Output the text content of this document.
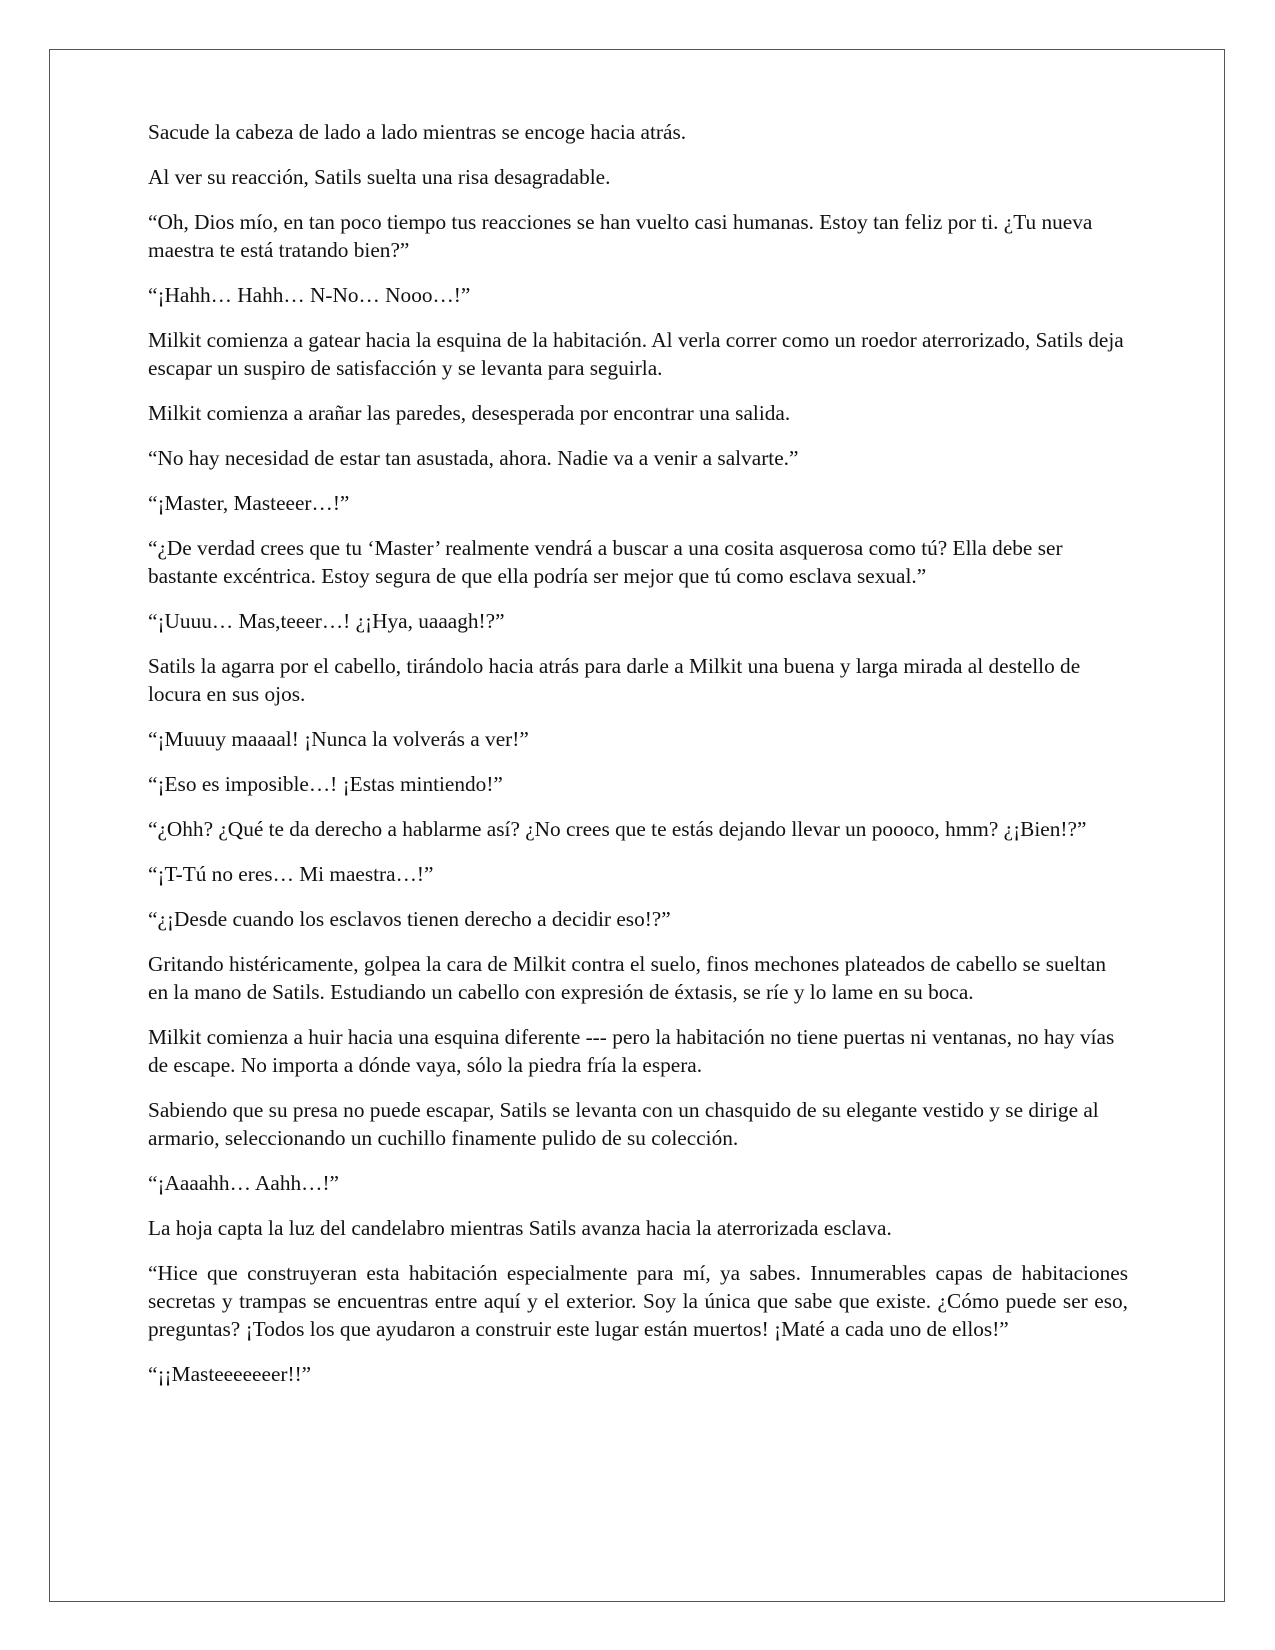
Sacude la cabeza de lado a lado mientras se encoge hacia atrás.

Al ver su reacción, Satils suelta una risa desagradable.

“Oh, Dios mío, en tan poco tiempo tus reacciones se han vuelto casi humanas. Estoy tan feliz por ti. ¿Tu nueva maestra te está tratando bien?”

“¡Hahh… Hahh… N-No… Nooo…!”

Milkit comienza a gatear hacia la esquina de la habitación. Al verla correr como un roedor aterrorizado, Satils deja escapar un suspiro de satisfacción y se levanta para seguirla.

Milkit comienza a arañar las paredes, desesperada por encontrar una salida.

“No hay necesidad de estar tan asustada, ahora. Nadie va a venir a salvarte.”

“¡Master, Masteeer…!”

“¿De verdad crees que tu ‘Master’ realmente vendrá a buscar a una cosita asquerosa como tú? Ella debe ser bastante excéntrica. Estoy segura de que ella podría ser mejor que tú como esclava sexual.”

“¡Uuuu… Mas,teeer…! ¿¡Hya, uaaagh!?”

Satils la agarra por el cabello, tirándolo hacia atrás para darle a Milkit una buena y larga mirada al destello de locura en sus ojos.

“¡Muuuy maaaal! ¡Nunca la volverás a ver!”

“¡Eso es imposible…! ¡Estas mintiendo!”

“¿Ohh? ¿Qué te da derecho a hablarme así? ¿No crees que te estás dejando llevar un poooco, hmm? ¿¡Bien!?”

“¡T-Tú no eres… Mi maestra…!”

“¿¡Desde cuando los esclavos tienen derecho a decidir eso!?”

Gritando histéricamente, golpea la cara de Milkit contra el suelo, finos mechones plateados de cabello se sueltan en la mano de Satils. Estudiando un cabello con expresión de éxtasis, se ríe y lo lame en su boca.

Milkit comienza a huir hacia una esquina diferente --- pero la habitación no tiene puertas ni ventanas, no hay vías de escape. No importa a dónde vaya, sólo la piedra fría la espera.

Sabiendo que su presa no puede escapar, Satils se levanta con un chasquido de su elegante vestido y se dirige al armario, seleccionando un cuchillo finamente pulido de su colección.

“¡Aaaahh… Aahh…!”

La hoja capta la luz del candelabro mientras Satils avanza hacia la aterrorizada esclava.

“Hice que construyeran esta habitación especialmente para mí, ya sabes. Innumerables capas de habitaciones secretas y trampas se encuentras entre aquí y el exterior. Soy la única que sabe que existe. ¿Cómo puede ser eso, preguntas? ¡Todos los que ayudaron a construir este lugar están muertos! ¡Maté a cada uno de ellos!”

“¡¡Masteeeeeeer!!”
